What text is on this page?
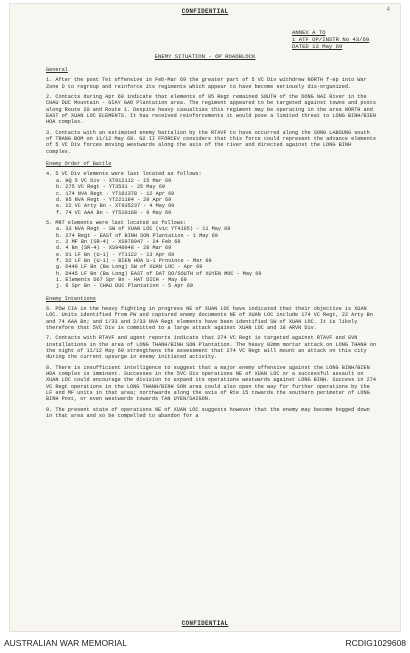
4
CONFIDENTIAL
ANNEX A TO
1 ATF OP/INSTR No 43/69
DATED 13 May 69
ENEMY SITUATION - OP ROADBLOCK
General
1. After the post Tet offensive in Feb-Mar 69 the greater part of 5 VC Div withdrew NORTH f-ep into War Zone D to regroup and reinforce its regiments which appear to have become seriously dis-organized.
2. Contacts during Apr 69 indicate that elements of 95 Regt remained SOUTH of the DONG NAI River in the CHAU DUC Mountain - GIAY GAO Plantation area. The regiment appeared to be targeted against towns and posts along Route 20 and Route 1. Despite heavy casualties this regiment may be operating in the area NORTH and EAST of XUAN LOC ELEMENTS. It has received reinforcements it would pose a limited threat to LONG BINH/BIEN HOA complex.
3. Contacts with an estimated enemy battalion by the RTAVF to have occurred along the SONG LABOUNG south of TRANG BOM on 11/12 May 69. G2 II FFORCEV considers that this force could represent the advance elements of 5 VC Div forces moving westwards along the axis of the river and directed against the LONG BINH complex.
Enemy Order of Battle
4. 5 VC Div elements were last located as follows:
a. HQ 5 VC Div - XT912112 - 15 Mar 69
b. 275 VC Regt - YT3531 - 25 May 69
c. 174 NVA Regt - YT101378 - 12 Apr 69
d. 95 NVA Regt - YT221184 - 29 Apr 69
e. 22 VC Arty Bn - XT935237 - 4 May 69
f. 74 VC AAA Bn - YT510168 - 9 May 69
5. MR7 elements were last located as follows:
a. 33 NVA Regt - SW of XUAN LOC (vic YT4105) - 11 May 69
b. 274 Regt - EAST of BINH SON Plantation - 1 May 69
c. 2 MF Bn (SR-4) - XS978947 - 24 Feb 69
d. 4 Bn (SR-4) - XS940948 - 28 Mar 69
e. D1 LF Bn (U-1) - YT1122 - 13 Apr 69
f. D2 LF Bn (U-1) - BIEN HOA U-1 Province - Mar 69
g. D440 LF Bn (Ba Long) SW of XUAN LOC - Apr 69
h. D445 LF Bn (Ba Long) EAST of DAT DO/SOUTH of XUYEN MOC - May 69
i. Elements D67 Spr Bn - HAT DICH - May 69
j. 6 Spr Bn - CHAU DUC Plantation - 5 Apr 69
Enemy Intentions
6. POW CIA in the heavy fighting in progress NE of XUAN LOC have indicated that their objective is XUAN LOC. Units identified from PW and captured enemy documents NE of XUAN LOC include 174 VC Regt, 22 Arty Bn and 74 AAA Bn; and 1/33 and 2/33 NVA Regt elements have been identified SW of XUAN LOC. It is likely therefore that 5VC Div is committed to a large attack against XUAN LOC and 18 ARVN Div.
7. Contacts with RTAVF and agent reports indicate that 274 VC Regt is targeted against RTAVF and GVN installations in the area of LONG THANH/BINH SON Plantation. The heavy 82mm mortar attack on LONG THANH on the night of 11/12 May 69 strengthens the assessment that 274 VC Regt will mount an attack on this city during the current upsurge in enemy initiated activity.
8. There is insufficient intelligence to suggest that a major enemy offensive against the LONG BINH/BIEN HOA complex is imminent. Successes in the 5VC Div operations NE of XUAN LOC or a successful assault on XUAN LOC could encourage the division to expand its operations westwards against LONG BINH. Success in 274 VC Regt operations in the LONG THANH/BINH SON area could also open the way for further operations by the LF and MF units in that area; northwards along the axis of Rte 15 towards the southern perimeter of LONG BINH Post, or even westwards towards TAN UYEN/SAIGON.
9. The present state of operations NE of XUAN LOC suggests however that the enemy may become bogged down in that area and so be compelled to abandon for a
CONFIDENTIAL
AUSTRALIAN WAR MEMORIAL	RCDIG1029608
